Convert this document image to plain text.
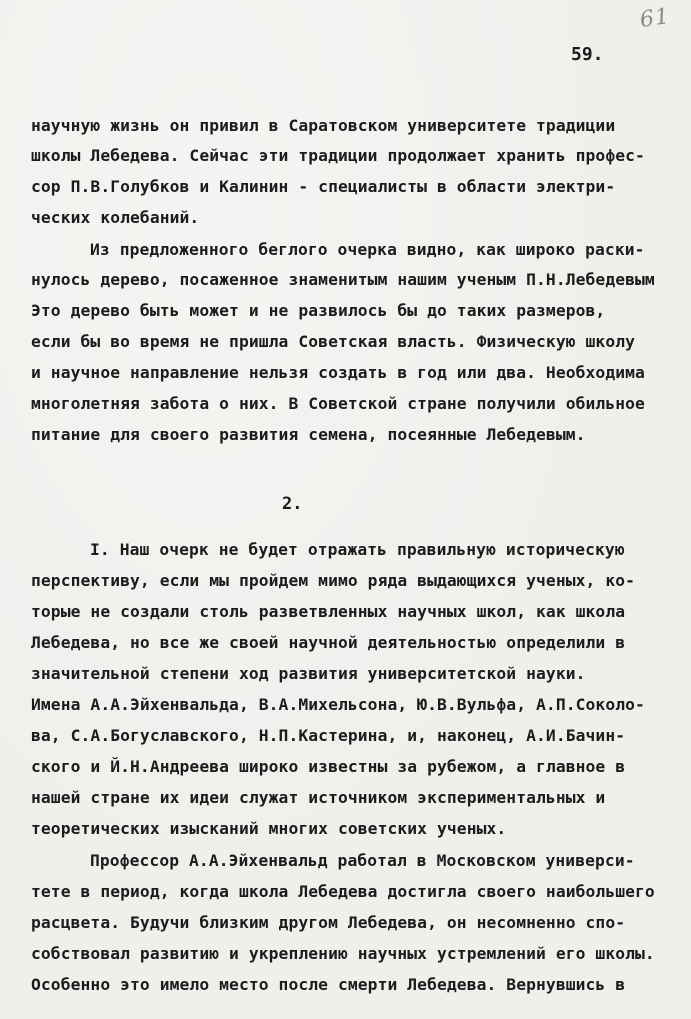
61
59.
научную жизнь он привил в Саратовском университете традиции
школы Лебедева. Сейчас эти традиции продолжает хранить профес-
сор П.В.Голубков и Калинин - специалисты в области электри-
ческих колебаний.
Из предложенного беглого очерка видно, как широко раски-
нулось дерево, посаженное знаменитым нашим ученым П.Н.Лебедевым
Это дерево быть может и не развилось бы до таких размеров,
если бы во время не пришла Советская власть. Физическую школу
и научное направление нельзя создать в год или два. Необходима
многолетняя забота о них. В Советской стране получили обильное
питание для своего развития семена, посеянные Лебедевым.
2.
I. Наш очерк не будет отражать правильную историческую
перспективу, если мы пройдем мимо ряда выдающихся ученых, ко-
торые не создали столь разветвленных научных школ, как школа
Лебедева, но все же своей научной деятельностью определили в
значительной степени ход развития университетской науки.
Имена А.А.Эйхенвальда, В.А.Михельсона, Ю.В.Вульфа, А.П.Соколо-
ва, С.А.Богуславского, Н.П.Кастерина, и, наконец, А.И.Бачин-
ского и Й.Н.Андреева широко известны за рубежом, а главное в
нашей стране их идеи служат источником экспериментальных и
теоретических изысканий многих советских ученых.
Профессор А.А.Эйхенвальд работал в Московском универси-
тете в период, когда школа Лебедева достигла своего наибольшего
расцвета. Будучи близким другом Лебедева, он несомненно спо-
собствовал развитию и укреплению научных устремлений его школы.
Особенно это имело место после смерти Лебедева. Вернувшись в
